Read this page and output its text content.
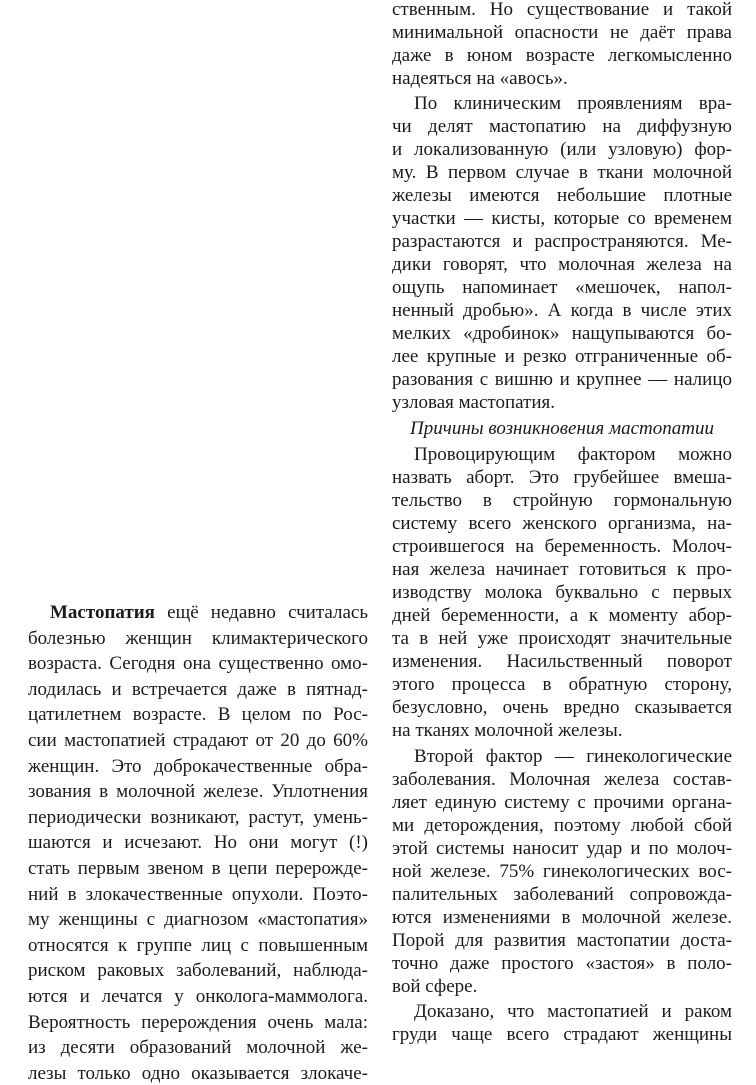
Мастопатия ещё недавно считалась
болезнью женщин климактерического
возраста. Сегодня она существенно омо-
лодилась и встречается даже в пятнад-
цатилетнем возрасте. В целом по Рос-
сии мастопатией страдают от 20 до 60%
женщин. Это доброкачественные обра-
зования в молочной железе. Уплотнения
периодически возникают, растут, умень-
шаются и исчезают. Но они могут (!)
стать первым звеном в цепи перерожде-
ний в злокачественные опухоли. Поэто-
му женщины с диагнозом «мастопатия»
относятся к группе лиц с повышенным
риском раковых заболеваний, наблюда-
ются и лечатся у онколога-маммолога.
Вероятность перерождения очень мала:
из десяти образований молочной же-
лезы только одно оказывается злокаче-
ственным. Но существование и такой
минимальной опасности не даёт права
даже в юном возрасте легкомысленно
надеяться на «авось».
По клиническим проявлениям вра-
чи делят мастопатию на диффузную
и локализованную (или узловую) фор-
му. В первом случае в ткани молочной
железы имеются небольшие плотные
участки — кисты, которые со временем
разрастаются и распространяются. Ме-
дики говорят, что молочная железа на
ощупь напоминает «мешочек, напол-
ненный дробью». А когда в числе этих
мелких «дробинок» нащупываются бо-
лее крупные и резко отграниченные об-
разования с вишню и крупнее — налицо
узловая мастопатия.
Причины возникновения мастопатии
Провоцирующим фактором можно
назвать аборт. Это грубейшее вмеша-
тельство в стройную гормональную
систему всего женского организма, на-
строившегося на беременность. Молоч-
ная железа начинает готовиться к про-
изводству молока буквально с первых
дней беременности, а к моменту абор-
та в ней уже происходят значительные
изменения. Насильственный поворот
этого процесса в обратную сторону,
безусловно, очень вредно сказывается
на тканях молочной железы.
Второй фактор — гинекологические
заболевания. Молочная железа состав-
ляет единую систему с прочими органа-
ми деторождения, поэтому любой сбой
этой системы наносит удар и по молоч-
ной железе. 75% гинекологических вос-
палительных заболеваний сопровожда-
ются изменениями в молочной железе.
Порой для развития мастопатии доста-
точно даже простого «застоя» в поло-
вой сфере.
Доказано, что мастопатией и раком
груди чаще всего страдают женщины
